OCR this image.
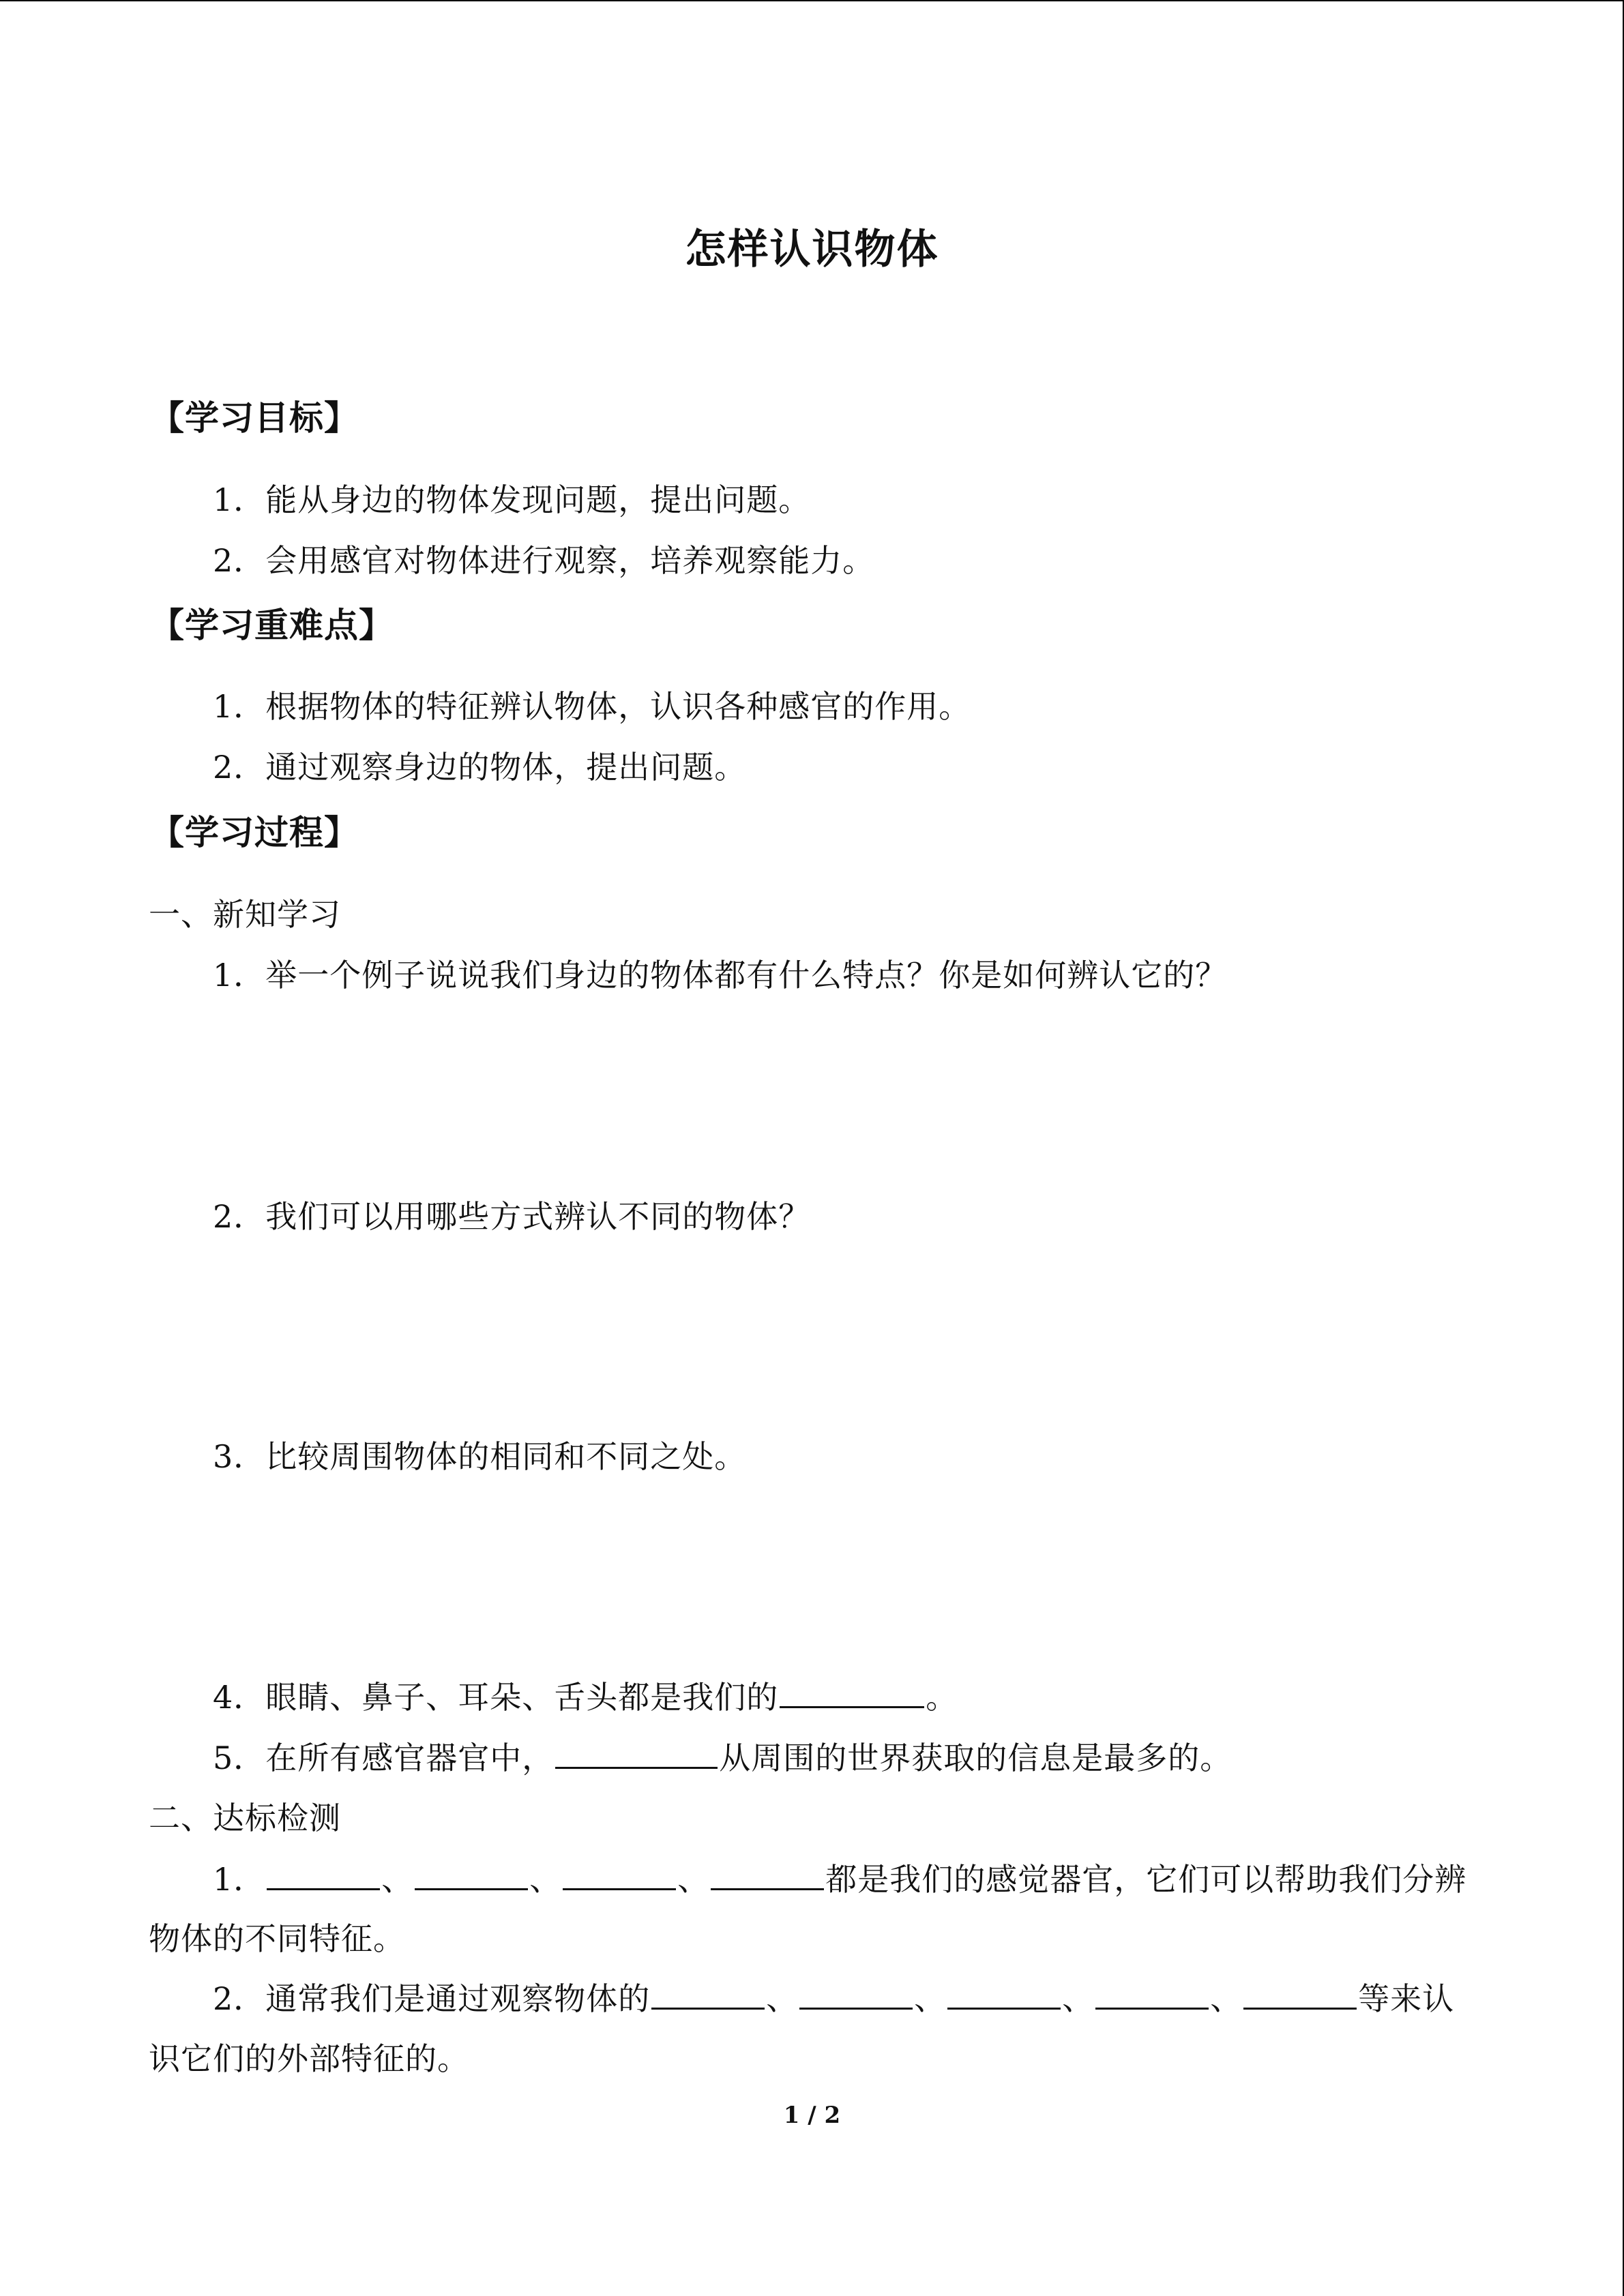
怎样认识物体
【学习目标】
1．能从身边的物体发现问题，提出问题。
2．会用感官对物体进行观察，培养观察能力。
【学习重难点】
1．根据物体的特征辨认物体，认识各种感官的作用。
2．通过观察身边的物体，提出问题。
【学习过程】
一、新知学习
1．举一个例子说说我们身边的物体都有什么特点？你是如何辨认它的？
2．我们可以用哪些方式辨认不同的物体？
3．比较周围物体的相同和不同之处。
4．眼睛、鼻子、耳朵、舌头都是我们的	。
5．在所有感官器官中，	从周围的世界获取的信息是最多的。
二、达标检测
1．	、	、	、	都是我们的感觉器官，它们可以帮助我们分辨
物体的不同特征。
2．通常我们是通过观察物体的	、	、	、	、	等来认
识它们的外部特征的。
1 / 2
